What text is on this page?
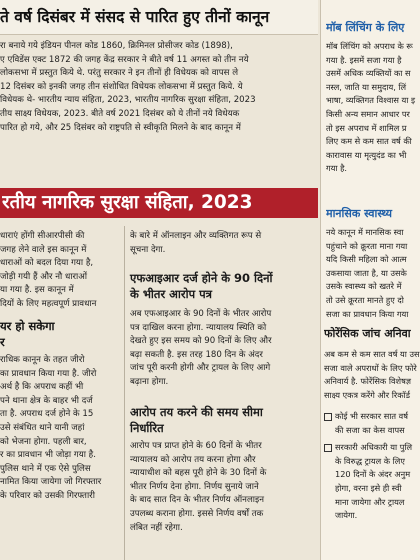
ते वर्ष दिसंबर में संसद से पारित हुए तीनों कानून

रा बनाये गये इंडियन पीनल कोड 1860, क्रिमिनल प्रोसीजर कोड (1898),
ए एविडेंस एक्ट 1872 की जगह केंद्र सरकार ने बीते वर्ष 11 अगस्त को तीन नये
लोकसभा में प्रस्तुत किये थे. परंतु सरकार ने इन तीनों ही विधेयक को वापस ले
12 दिसंबर को इनकी जगह तीन संशोधित विधेयक लोकसभा में प्रस्तुत किये. ये
विधेयक थे- भारतीय न्याय संहिता, 2023, भारतीय नागरिक सुरक्षा संहिता, 2023
तीय साक्ष्य विधेयक, 2023. बीते वर्ष 2021 दिसंबर को ये तीनों नये विधेयक
पारित हो गये, और 25 दिसंबर को राष्ट्रपति से स्वीकृति मिलने के बाद कानून में

रतीय नागरिक सुरक्षा संहिता, 2023

धाराएं होंगी सीआरपीसी की
जगह लेने वाले इस कानून में
धाराओं को बदल दिया गया है,
जोड़ी गयी हैं और नौ धाराओं
या गया है. इस कानून में
दियों के लिए महत्वपूर्ण प्रावधान

यर हो सकेगा
र

राधिक कानून के तहत जीरो
का प्रावधान किया गया है. जीरो
अर्थ है कि अपराध कहीं भी
पने थाना क्षेत्र के बाहर भी दर्ज
ता है. अपराध दर्ज होने के 15
उसे संबंधित थाने यानी जहां
को भेजना होगा. पहली बार,
र का प्रावधान भी जोड़ा गया है.
पुलिस थाने में एक ऐसे पुलिस
नामित किया जायेगा जो गिरफ्तार
के परिवार को उसकी गिरफ्तारी

के बारे में ऑनलाइन और व्यक्तिगत रूप से
सूचना देगा.

एफआइआर दर्ज होने के 90 दिनों
के भीतर आरोप पत्र

अब एफआइआर के 90 दिनों के भीतर आरोप
पत्र दाखिल करना होगा. न्यायालय स्थिति को
देखते हुए इस समय को 90 दिनों के लिए और
बढ़ा सकती है. इस तरह 180 दिन के अंदर
जांच पूरी करनी होगी और ट्रायल के लिए आगे
बढ़ाना होगा.

आरोप तय करने की समय सीमा
निर्धारित

आरोप पत्र प्राप्त होने के 60 दिनों के भीतर
न्यायालय को आरोप तय करना होगा और
न्यायाधीश को बहस पूरी होने के 30 दिनों के
भीतर निर्णय देना होगा. निर्णय सुनाये जाने
के बाद सात दिन के भीतर निर्णय ऑनलाइन
उपलब्ध कराना होगा. इससे निर्णय वर्षों तक
लंबित नहीं रहेगा.

मॉब लिंचिंग के लिए

मॉब लिंचिंग को अपराध के रू
गया है. इसमें सजा गया है
उसमें अधिक व्यक्तियों का स
नस्ल, जाति या समुदाय, लिं
भाषा, व्यक्तिगत विश्वास या इ
किसी अन्य समान आधार पर
तो इस अपराध में शामिल प्र
लिए कम से कम सात वर्ष की
कारावास या मृत्युदंड का भी
गया है.

मानसिक स्वास्थ्य

नये कानून में मानसिक स्वा
पहुंचाने को क्रूरता माना गया
यदि किसी महिला को आत्म
उकसाया जाता है, या उसके
उसके स्वास्थ्य को खतरे में
तो उसे क्रूरता मानते हुए दो
सजा का प्रावधान किया गया

फोरेंसिक जांच अनिवा

अब कम से कम सात वर्ष या उस
सजा वाले अपराधों के लिए फोरे
अनिवार्य है. फोरेंसिक विशेषज्ञ
साक्ष्य एकत्र करेंगे और रिकॉर्ड

कोई भी सरकार सात वर्ष
की सजा का केस वापस
सरकारी अधिकारी या पुलि
के विरुद्ध ट्रायल के लिए
120 दिनों के अंदर अनुम
होगा, वरना इसे ही स्वी
माना जायेगा और ट्रायल
जायेगा.
